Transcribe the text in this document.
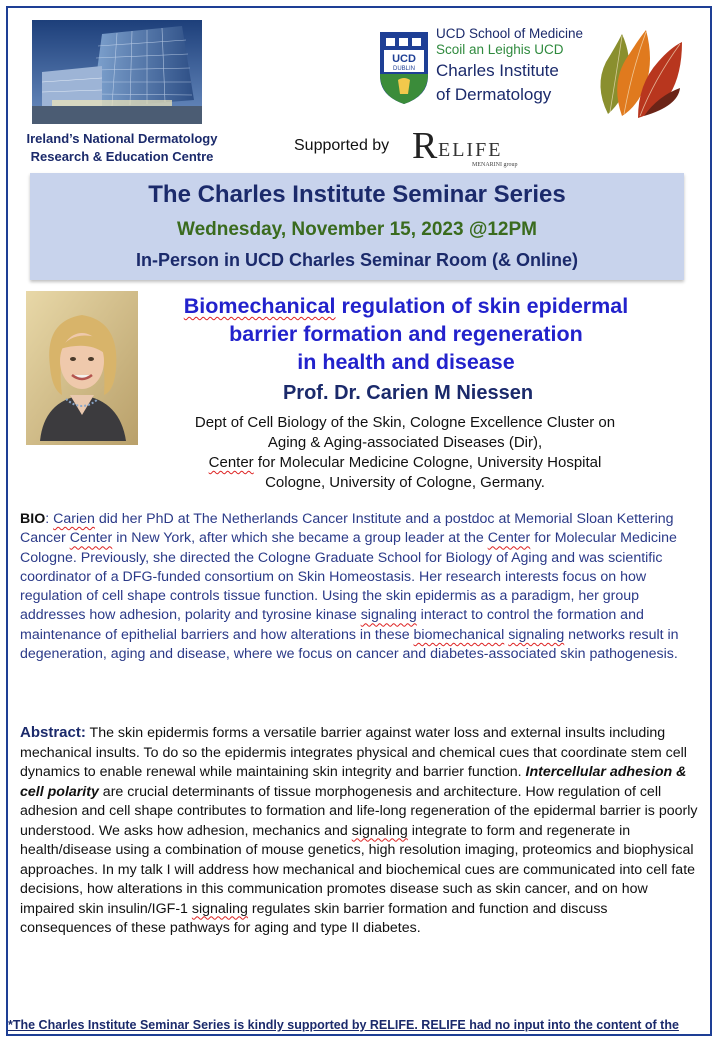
Ireland’s National Dermatology
Research & Education Centre
UCD
DUBLIN
UCD School of Medicine
Scoil an Leighis UCD
Charles Institute
of Dermatology
Supported by R ELIFE
MENARINI group
The Charles Institute Seminar Series
Wednesday, November 15, 2023 @12PM
In-Person in UCD Charles Seminar Room (& Online)
Biomechanical regulation of skin epidermal
barrier formation and regeneration
in health and disease
Prof. Dr. Carien M Niessen
Dept of Cell Biology of the Skin, Cologne Excellence Cluster on
Aging & Aging-associated Diseases (Dir),
Center for Molecular Medicine Cologne, University Hospital
Cologne, University of Cologne, Germany.
BIO: Carien did her PhD at The Netherlands Cancer Institute and a postdoc at Memorial Sloan Kettering Cancer Center in New York, after which she became a group leader at the Center for Molecular Medicine Cologne. Previously, she directed the Cologne Graduate School for Biology of Aging and was scientific coordinator of a DFG-funded consortium on Skin Homeostasis. Her research interests focus on how regulation of cell shape controls tissue function. Using the skin epidermis as a paradigm, her group addresses how adhesion, polarity and tyrosine kinase signaling interact to control the formation and maintenance of epithelial barriers and how alterations in these biomechanical signaling networks result in degeneration, aging and disease, where we focus on cancer and diabetes-associated skin pathogenesis.
Abstract: The skin epidermis forms a versatile barrier against water loss and external insults including mechanical insults. To do so the epidermis integrates physical and chemical cues that coordinate stem cell dynamics to enable renewal while maintaining skin integrity and barrier function. Intercellular adhesion & cell polarity are crucial determinants of tissue morphogenesis and architecture. How regulation of cell adhesion and cell shape contributes to formation and life-long regeneration of the epidermal barrier is poorly understood. We asks how adhesion, mechanics and signaling integrate to form and regenerate in health/disease using a combination of mouse genetics, high resolution imaging, proteomics and biophysical approaches. In my talk I will address how mechanical and biochemical cues are communicated into cell fate decisions, how alterations in this communication promotes disease such as skin cancer, and on how impaired skin insulin/IGF-1 signaling regulates skin barrier formation and function and discuss consequences of these pathways for aging and type II diabetes.
*The Charles Institute Seminar Series is kindly supported by RELIFE. RELIFE had no input into the content of the
